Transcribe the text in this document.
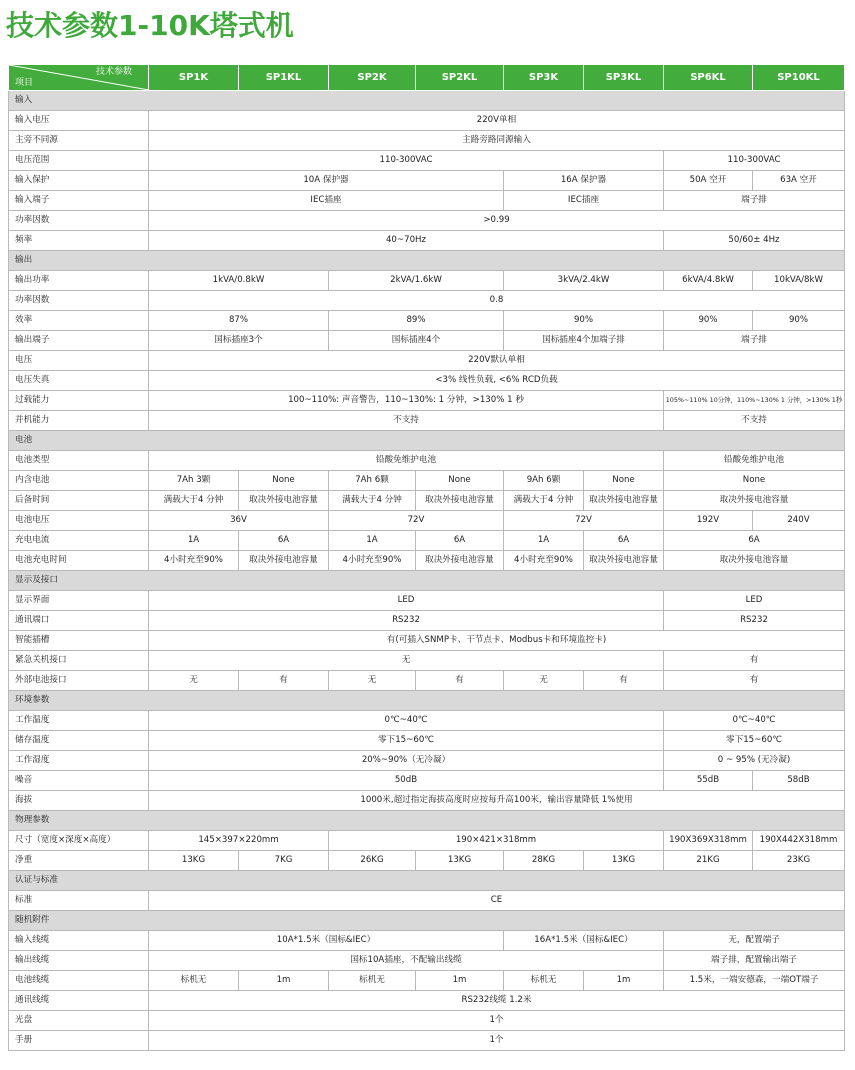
技术参数1-10K塔式机
技术参数
项目	SP1K	SP1KL	SP2K	SP2KL	SP3K	SP3KL	SP6KL	SP10KL
输入								
输入电压	220V单相							
主旁不同源	主路旁路同源输入							
电压范围	110-300VAC						110-300VAC	
输入保护	10A 保护器				16A 保护器		50A 空开	63A 空开
输入端子	IEC插座				IEC插座		端子排	
功率因数	>0.99							
频率	40~70Hz						50/60± 4Hz	
输出								
输出功率	1kVA/0.8kW		2kVA/1.6kW		3kVA/2.4kW		6kVA/4.8kW	10kVA/8kW
功率因数	0.8							
效率	87%		89%		90%		90%	90%
输出端子	国标插座3个		国标插座4个		国标插座4个加端子排		端子排	
电压	220V默认单相							
电压失真	<3% 线性负载, <6% RCD负载							
过载能力	100~110%: 声音警告，110~130%: 1 分钟，>130% 1 秒						105%~110% 10分钟，110%~130% 1 分钟，>130% 1秒	
并机能力	不支持						不支持	
电池								
电池类型	铅酸免维护电池						铅酸免维护电池	
内含电池	7Ah 3颗	None	7Ah 6颗	None	9Ah 6颗	None	None	
后备时间	满载大于4 分钟	取决外接电池容量	满载大于4 分钟	取决外接电池容量	满载大于4 分钟	取决外接电池容量	取决外接电池容量	
电池电压	36V		72V		72V		192V	240V
充电电流	1A	6A	1A	6A	1A	6A	6A	
电池充电时间	4小时充至90%	取决外接电池容量	4小时充至90%	取决外接电池容量	4小时充至90%	取决外接电池容量	取决外接电池容量	
显示及接口								
显示界面	LED						LED	
通讯端口	RS232						RS232	
智能插槽	有(可插入SNMP卡、干节点卡、Modbus卡和环境监控卡)							
紧急关机接口	无						有	
外部电池接口	无	有	无	有	无	有	有	
环境参数								
工作温度	0℃~40℃						0℃~40℃	
储存温度	零下15~60℃						零下15~60℃	
工作湿度	20%~90%（无冷凝）						0 ~ 95% (无冷凝)	
噪音	50dB						55dB	58dB
海拔	1000米,超过指定海拔高度时应按每升高100米，输出容量降低 1%使用							
物理参数								
尺寸（宽度×深度×高度）	145×397×220mm		190×421×318mm				190X369X318mm	190X442X318mm
净重	13KG	7KG	26KG	13KG	28KG	13KG	21KG	23KG
认证与标准								
标准	CE							
随机附件								
输入线缆	10A*1.5米（国标&IEC）				16A*1.5米（国标&IEC）		无，配置端子	
输出线缆	国标10A插座，不配输出线缆						端子排，配置输出端子	
电池线缆	标机无	1m	标机无	1m	标机无	1m	1.5米，一端安德森，一端OT端子	
通讯线缆	RS232线缆 1.2米							
光盘	1个							
手册	1个							
